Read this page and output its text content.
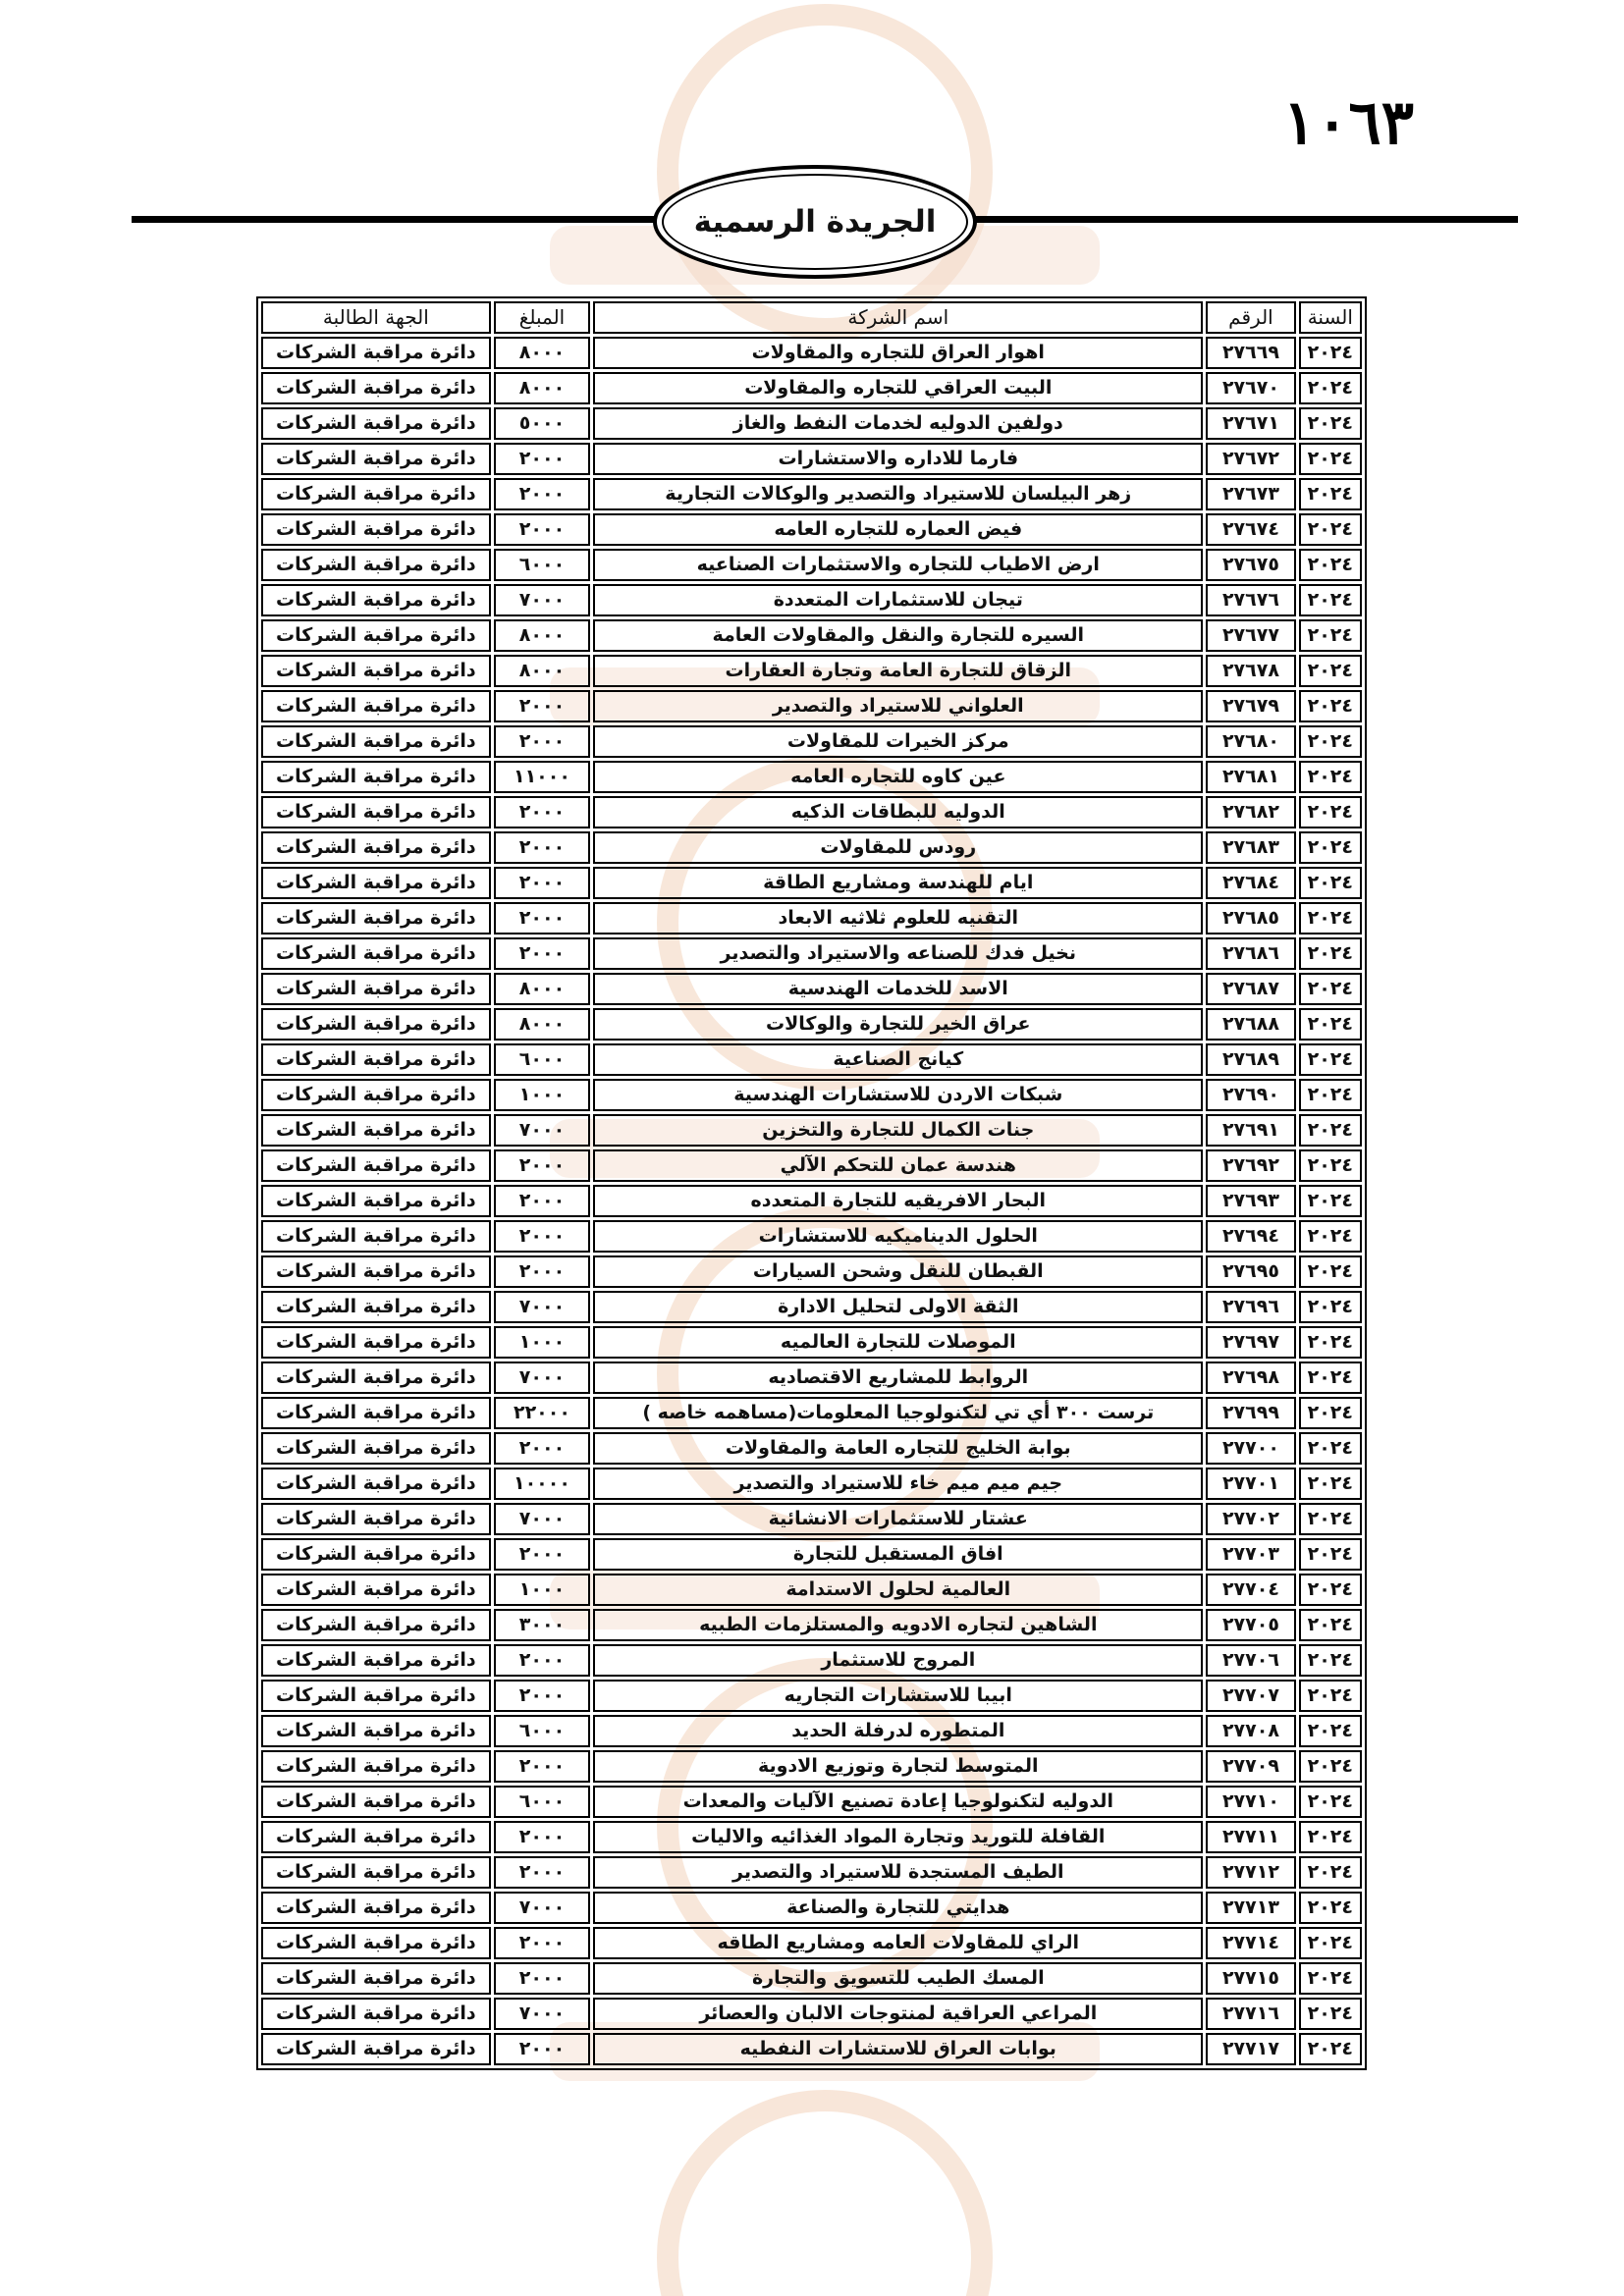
١٠٦٣
الجريدة الرسمية
السنة	الرقم	اسم الشركة	المبلغ	الجهة الطالبة
٢٠٢٤	٢٧٦٦٩	اهوار العراق للتجاره والمقاولات	٨٠٠٠	دائرة مراقبة الشركات
٢٠٢٤	٢٧٦٧٠	البيت العراقي للتجاره والمقاولات	٨٠٠٠	دائرة مراقبة الشركات
٢٠٢٤	٢٧٦٧١	دولفين الدوليه لخدمات النفط والغاز	٥٠٠٠	دائرة مراقبة الشركات
٢٠٢٤	٢٧٦٧٢	فارما للاداره والاستشارات	٢٠٠٠	دائرة مراقبة الشركات
٢٠٢٤	٢٧٦٧٣	زهر البيلسان للاستيراد والتصدير والوكالات التجارية	٢٠٠٠	دائرة مراقبة الشركات
٢٠٢٤	٢٧٦٧٤	فيض العماره للتجاره العامه	٢٠٠٠	دائرة مراقبة الشركات
٢٠٢٤	٢٧٦٧٥	ارض الاطياب للتجاره والاستثمارات الصناعيه	٦٠٠٠	دائرة مراقبة الشركات
٢٠٢٤	٢٧٦٧٦	تيجان للاستثمارات المتعددة	٧٠٠٠	دائرة مراقبة الشركات
٢٠٢٤	٢٧٦٧٧	السيره للتجارة والنقل والمقاولات العامة	٨٠٠٠	دائرة مراقبة الشركات
٢٠٢٤	٢٧٦٧٨	الزقاق للتجارة العامة وتجارة العقارات	٨٠٠٠	دائرة مراقبة الشركات
٢٠٢٤	٢٧٦٧٩	العلواني للاستيراد والتصدير	٢٠٠٠	دائرة مراقبة الشركات
٢٠٢٤	٢٧٦٨٠	مركز الخيرات للمقاولات	٢٠٠٠	دائرة مراقبة الشركات
٢٠٢٤	٢٧٦٨١	عين كاوه للتجاره العامه	١١٠٠٠	دائرة مراقبة الشركات
٢٠٢٤	٢٧٦٨٢	الدوليه للبطاقات الذكيه	٢٠٠٠	دائرة مراقبة الشركات
٢٠٢٤	٢٧٦٨٣	رودس للمقاولات	٢٠٠٠	دائرة مراقبة الشركات
٢٠٢٤	٢٧٦٨٤	ايام للهندسة ومشاريع الطاقة	٢٠٠٠	دائرة مراقبة الشركات
٢٠٢٤	٢٧٦٨٥	التقنيه للعلوم ثلاثيه الابعاد	٢٠٠٠	دائرة مراقبة الشركات
٢٠٢٤	٢٧٦٨٦	نخيل فدك للصناعه والاستيراد والتصدير	٢٠٠٠	دائرة مراقبة الشركات
٢٠٢٤	٢٧٦٨٧	الاسد للخدمات الهندسية	٨٠٠٠	دائرة مراقبة الشركات
٢٠٢٤	٢٧٦٨٨	عراق الخير للتجارة والوكالات	٨٠٠٠	دائرة مراقبة الشركات
٢٠٢٤	٢٧٦٨٩	كيانج الصناعية	٦٠٠٠	دائرة مراقبة الشركات
٢٠٢٤	٢٧٦٩٠	شبكات الاردن للاستشارات الهندسية	١٠٠٠	دائرة مراقبة الشركات
٢٠٢٤	٢٧٦٩١	جنات الكمال للتجارة والتخزين	٧٠٠٠	دائرة مراقبة الشركات
٢٠٢٤	٢٧٦٩٢	هندسة عمان للتحكم الآلي	٢٠٠٠	دائرة مراقبة الشركات
٢٠٢٤	٢٧٦٩٣	البحار الافريقيه للتجارة المتعدده	٢٠٠٠	دائرة مراقبة الشركات
٢٠٢٤	٢٧٦٩٤	الحلول الديناميكيه للاستشارات	٢٠٠٠	دائرة مراقبة الشركات
٢٠٢٤	٢٧٦٩٥	القبطان للنقل وشحن السيارات	٢٠٠٠	دائرة مراقبة الشركات
٢٠٢٤	٢٧٦٩٦	الثقة الاولى لتحليل الادارة	٧٠٠٠	دائرة مراقبة الشركات
٢٠٢٤	٢٧٦٩٧	الموصلات للتجارة العالميه	١٠٠٠	دائرة مراقبة الشركات
٢٠٢٤	٢٧٦٩٨	الروابط للمشاريع الاقتصاديه	٧٠٠٠	دائرة مراقبة الشركات
٢٠٢٤	٢٧٦٩٩	ترست ٣٠٠ أي تي لتكنولوجيا المعلومات(مساهمه خاصه )	٢٢٠٠٠	دائرة مراقبة الشركات
٢٠٢٤	٢٧٧٠٠	بوابة الخليج للتجاره العامة والمقاولات	٢٠٠٠	دائرة مراقبة الشركات
٢٠٢٤	٢٧٧٠١	جيم ميم ميم خاء للاستيراد والتصدير	١٠٠٠٠	دائرة مراقبة الشركات
٢٠٢٤	٢٧٧٠٢	عشتار للاستثمارات الانشائية	٧٠٠٠	دائرة مراقبة الشركات
٢٠٢٤	٢٧٧٠٣	افاق المستقبل للتجارة	٢٠٠٠	دائرة مراقبة الشركات
٢٠٢٤	٢٧٧٠٤	العالمية لحلول الاستدامة	١٠٠٠	دائرة مراقبة الشركات
٢٠٢٤	٢٧٧٠٥	الشاهين لتجاره الادويه والمستلزمات الطبيه	٣٠٠٠	دائرة مراقبة الشركات
٢٠٢٤	٢٧٧٠٦	المروج للاستثمار	٢٠٠٠	دائرة مراقبة الشركات
٢٠٢٤	٢٧٧٠٧	ابيبا للاستشارات التجاريه	٢٠٠٠	دائرة مراقبة الشركات
٢٠٢٤	٢٧٧٠٨	المتطوره لدرفلة الحديد	٦٠٠٠	دائرة مراقبة الشركات
٢٠٢٤	٢٧٧٠٩	المتوسط لتجارة وتوزيع الادوية	٢٠٠٠	دائرة مراقبة الشركات
٢٠٢٤	٢٧٧١٠	الدوليه لتكنولوجيا إعادة تصنيع الآليات والمعدات	٦٠٠٠	دائرة مراقبة الشركات
٢٠٢٤	٢٧٧١١	القافلة للتوريد وتجارة المواد الغذائيه والاليات	٢٠٠٠	دائرة مراقبة الشركات
٢٠٢٤	٢٧٧١٢	الطيف المستجدة للاستيراد والتصدير	٢٠٠٠	دائرة مراقبة الشركات
٢٠٢٤	٢٧٧١٣	هدايتي للتجارة والصناعة	٧٠٠٠	دائرة مراقبة الشركات
٢٠٢٤	٢٧٧١٤	الراي للمقاولات العامه ومشاريع الطاقه	٢٠٠٠	دائرة مراقبة الشركات
٢٠٢٤	٢٧٧١٥	المسك الطيب للتسويق والتجارة	٢٠٠٠	دائرة مراقبة الشركات
٢٠٢٤	٢٧٧١٦	المراعي العراقية لمنتوجات الالبان والعصائر	٧٠٠٠	دائرة مراقبة الشركات
٢٠٢٤	٢٧٧١٧	بوابات العراق للاستشارات النفطيه	٢٠٠٠	دائرة مراقبة الشركات
